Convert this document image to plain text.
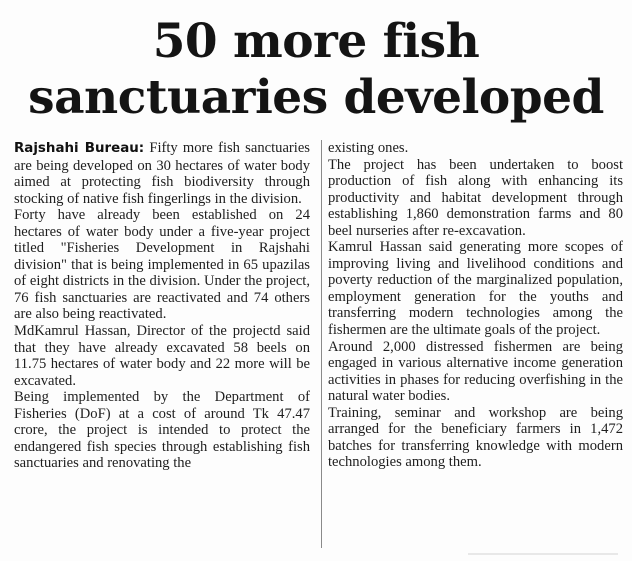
50 more fish
sanctuaries developed

Rajshahi Bureau: Fifty more fish sanctuaries are being developed on 30 hectares of water body aimed at protecting fish biodiversity through stocking of native fish fingerlings in the division.

Forty have already been established on 24 hectares of water body under a five-year project titled "Fisheries Development in Rajshahi division" that is being implemented in 65 upazilas of eight districts in the division. Under the project, 76 fish sanctuaries are reactivated and 74 others are also being reactivated.

MdKamrul Hassan, Director of the projectd said that they have already excavated 58 beels on 11.75 hectares of water body and 22 more will be excavated.

Being implemented by the Department of Fisheries (DoF) at a cost of around Tk 47.47 crore, the project is intended to protect the endangered fish species through establishing fish sanctuaries and renovating the

existing ones.

The project has been undertaken to boost production of fish along with enhancing its productivity and habitat development through establishing 1,860 demonstration farms and 80 beel nurseries after re-excavation.

Kamrul Hassan said generating more scopes of improving living and livelihood conditions and poverty reduction of the marginalized population, employment generation for the youths and transferring modern technologies among the fishermen are the ultimate goals of the project.

Around 2,000 distressed fishermen are being engaged in various alternative income generation activities in phases for reducing overfishing in the natural water bodies.

Training, seminar and workshop are being arranged for the beneficiary farmers in 1,472 batches for transferring knowledge with modern technologies among them.
